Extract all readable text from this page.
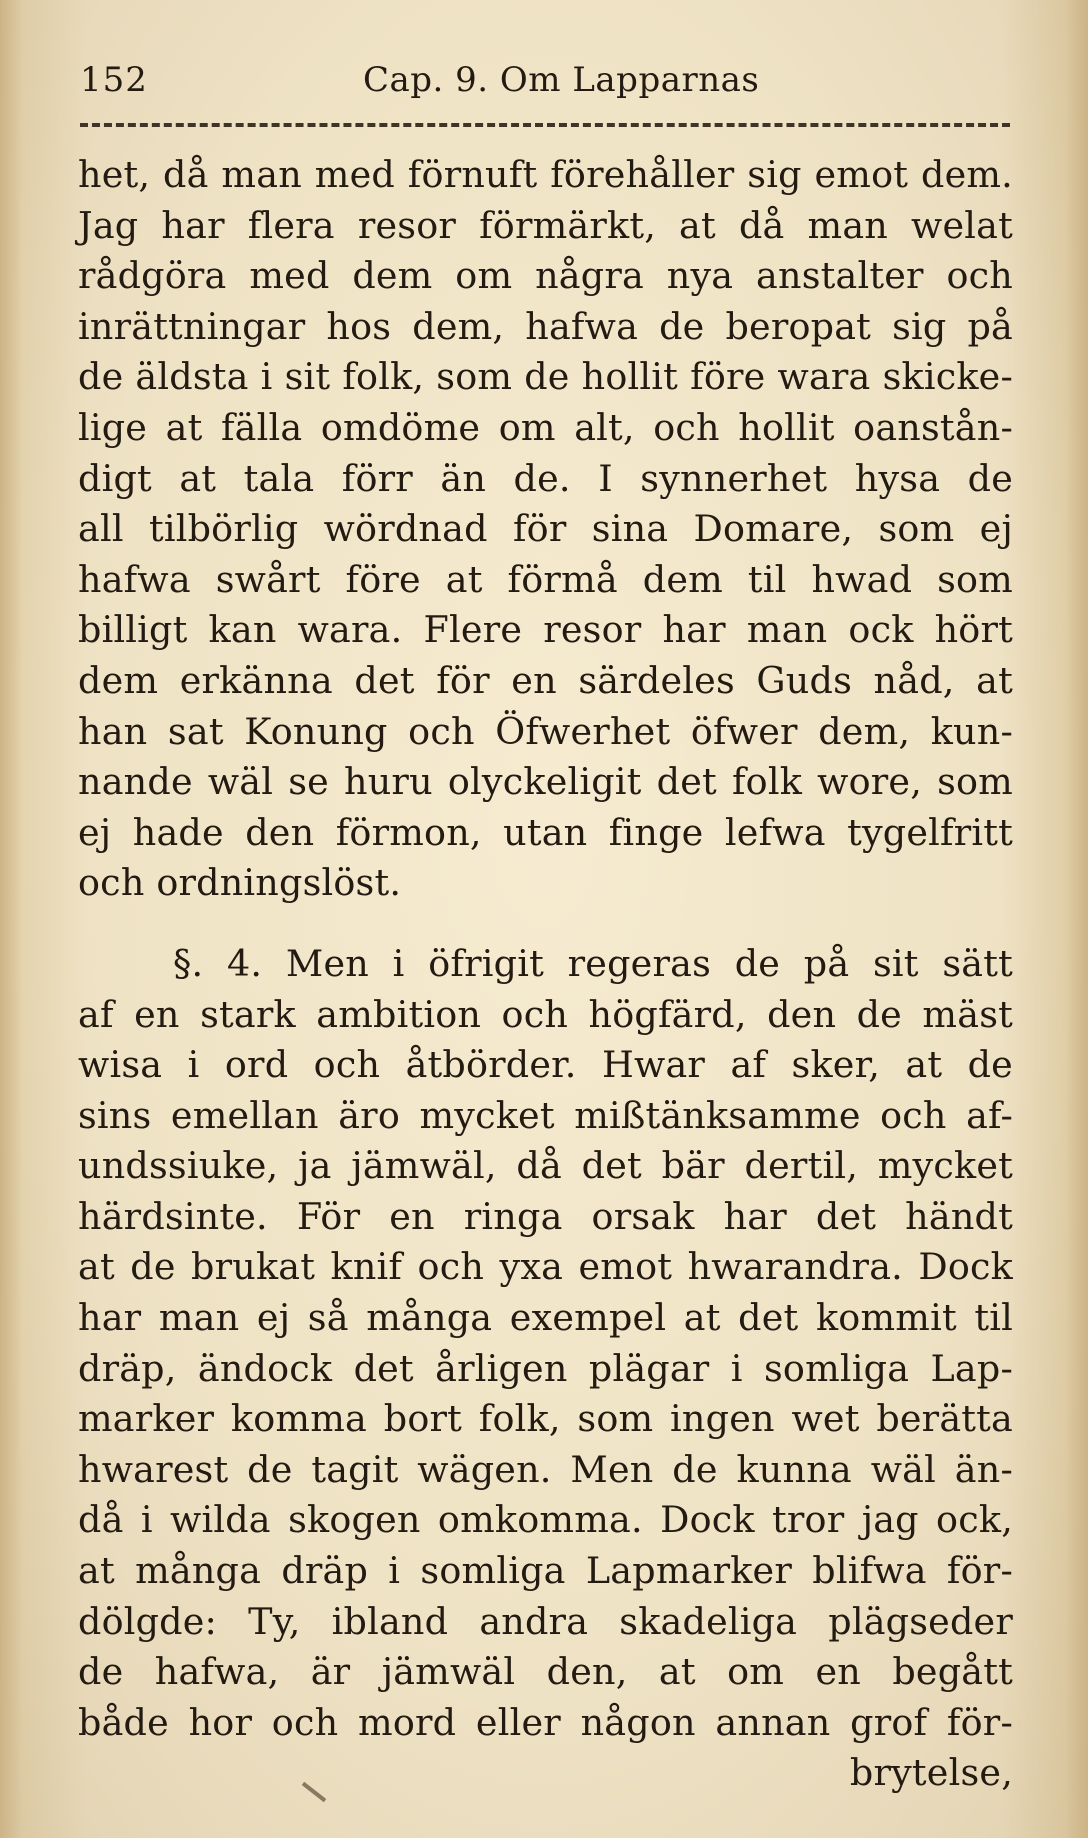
152	Cap. 9. Om Lapparnas
het, då man med förnuft förehåller sig emot dem.
Jag har flera resor förmärkt, at då man welat
rådgöra med dem om några nya anstalter och
inrättningar hos dem, hafwa de beropat sig på
de äldsta i sit folk, som de hollit före wara skicke-
lige at fälla omdöme om alt, och hollit oanstån-
digt at tala förr än de. I synnerhet hysa de
all tilbörlig wördnad för sina Domare, som ej
hafwa swårt före at förmå dem til hwad som
billigt kan wara. Flere resor har man ock hört
dem erkänna det för en särdeles Guds nåd, at
han sat Konung och Öfwerhet öfwer dem, kun-
nande wäl se huru olyckeligit det folk wore, som
ej hade den förmon, utan finge lefwa tygelfritt
och ordningslöst.
§. 4. Men i öfrigit regeras de på sit sätt
af en stark ambition och högfärd, den de mäst
wisa i ord och åtbörder. Hwar af sker, at de
sins emellan äro mycket mißtänksamme och af-
undssiuke, ja jämwäl, då det bär dertil, mycket
härdsinte. För en ringa orsak har det händt
at de brukat knif och yxa emot hwarandra. Dock
har man ej så många exempel at det kommit til
dräp, ändock det årligen plägar i somliga Lap-
marker komma bort folk, som ingen wet berätta
hwarest de tagit wägen. Men de kunna wäl än-
då i wilda skogen omkomma. Dock tror jag ock,
at många dräp i somliga Lapmarker blifwa för-
dölgde: Ty, ibland andra skadeliga plägseder
de hafwa, är jämwäl den, at om en begått
både hor och mord eller någon annan grof för-
brytelse,
